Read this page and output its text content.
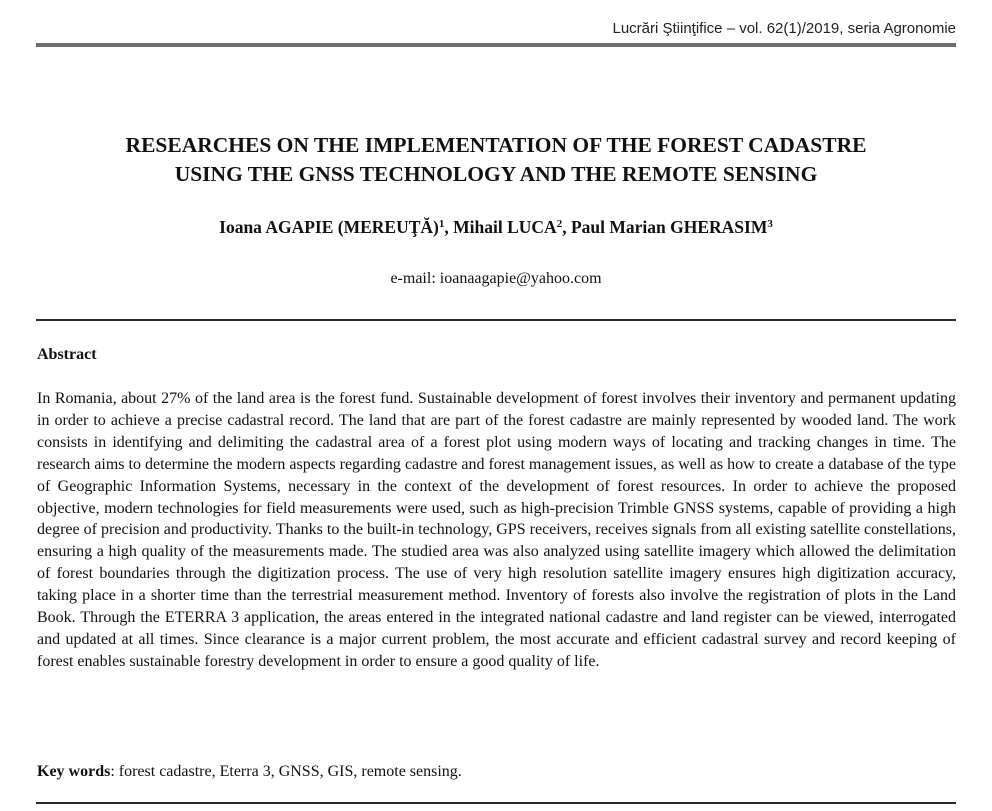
Lucrări Ştiinţifice – vol. 62(1)/2019, seria Agronomie
RESEARCHES ON THE IMPLEMENTATION OF THE FOREST CADASTRE
USING THE GNSS TECHNOLOGY AND THE REMOTE SENSING
Ioana AGAPIE (MEREUŢĂ)$^1$, Mihail LUCA$^2$, Paul Marian GHERASIM$^3$
e-mail: ioanaagapie@yahoo.com
Abstract

In Romania, about 27% of the land area is the forest fund. Sustainable development of forest involves their inventory and permanent updating in order to achieve a precise cadastral record. The land that are part of the forest cadastre are mainly represented by wooded land. The work consists in identifying and delimiting the cadastral area of a forest plot using modern ways of locating and tracking changes in time. The research aims to determine the modern aspects regarding cadastre and forest management issues, as well as how to create a database of the type of Geographic Information Systems, necessary in the context of the development of forest resources. In order to achieve the proposed objective, modern technologies for field measurements were used, such as high-precision Trimble GNSS systems, capable of providing a high degree of precision and productivity. Thanks to the built-in technology, GPS receivers, receives signals from all existing satellite constellations, ensuring a high quality of the measurements made. The studied area was also analyzed using satellite imagery which allowed the delimitation of forest boundaries through the digitization process. The use of very high resolution satellite imagery ensures high digitization accuracy, taking place in a shorter time than the terrestrial measurement method. Inventory of forests also involve the registration of plots in the Land Book. Through the ETERRA 3 application, the areas entered in the integrated national cadastre and land register can be viewed, interrogated and updated at all times. Since clearance is a major current problem, the most accurate and efficient cadastral survey and record keeping of forest enables sustainable forestry development in order to ensure a good quality of life.

Key words: forest cadastre, Eterra 3, GNSS, GIS, remote sensing.
